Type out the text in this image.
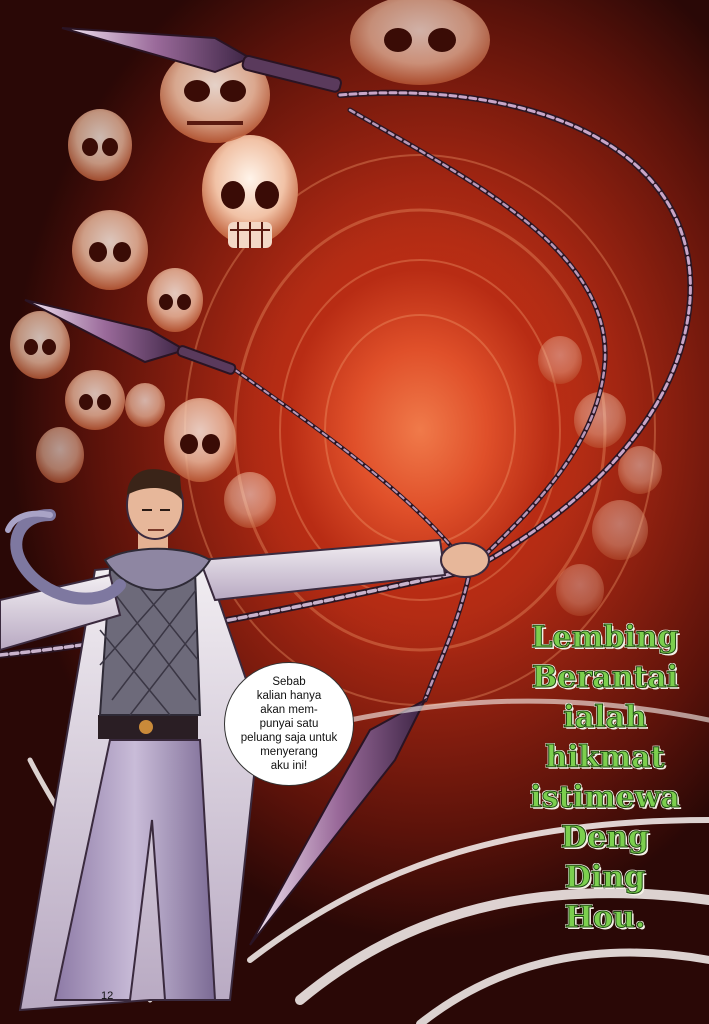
Sebab
kalian hanya
akan mem-
punyai satu
peluang saja untuk
menyerang
aku ini!
Lembing
Berantai
ialah
hikmat
istimewa
Deng
Ding
Hou.
12
